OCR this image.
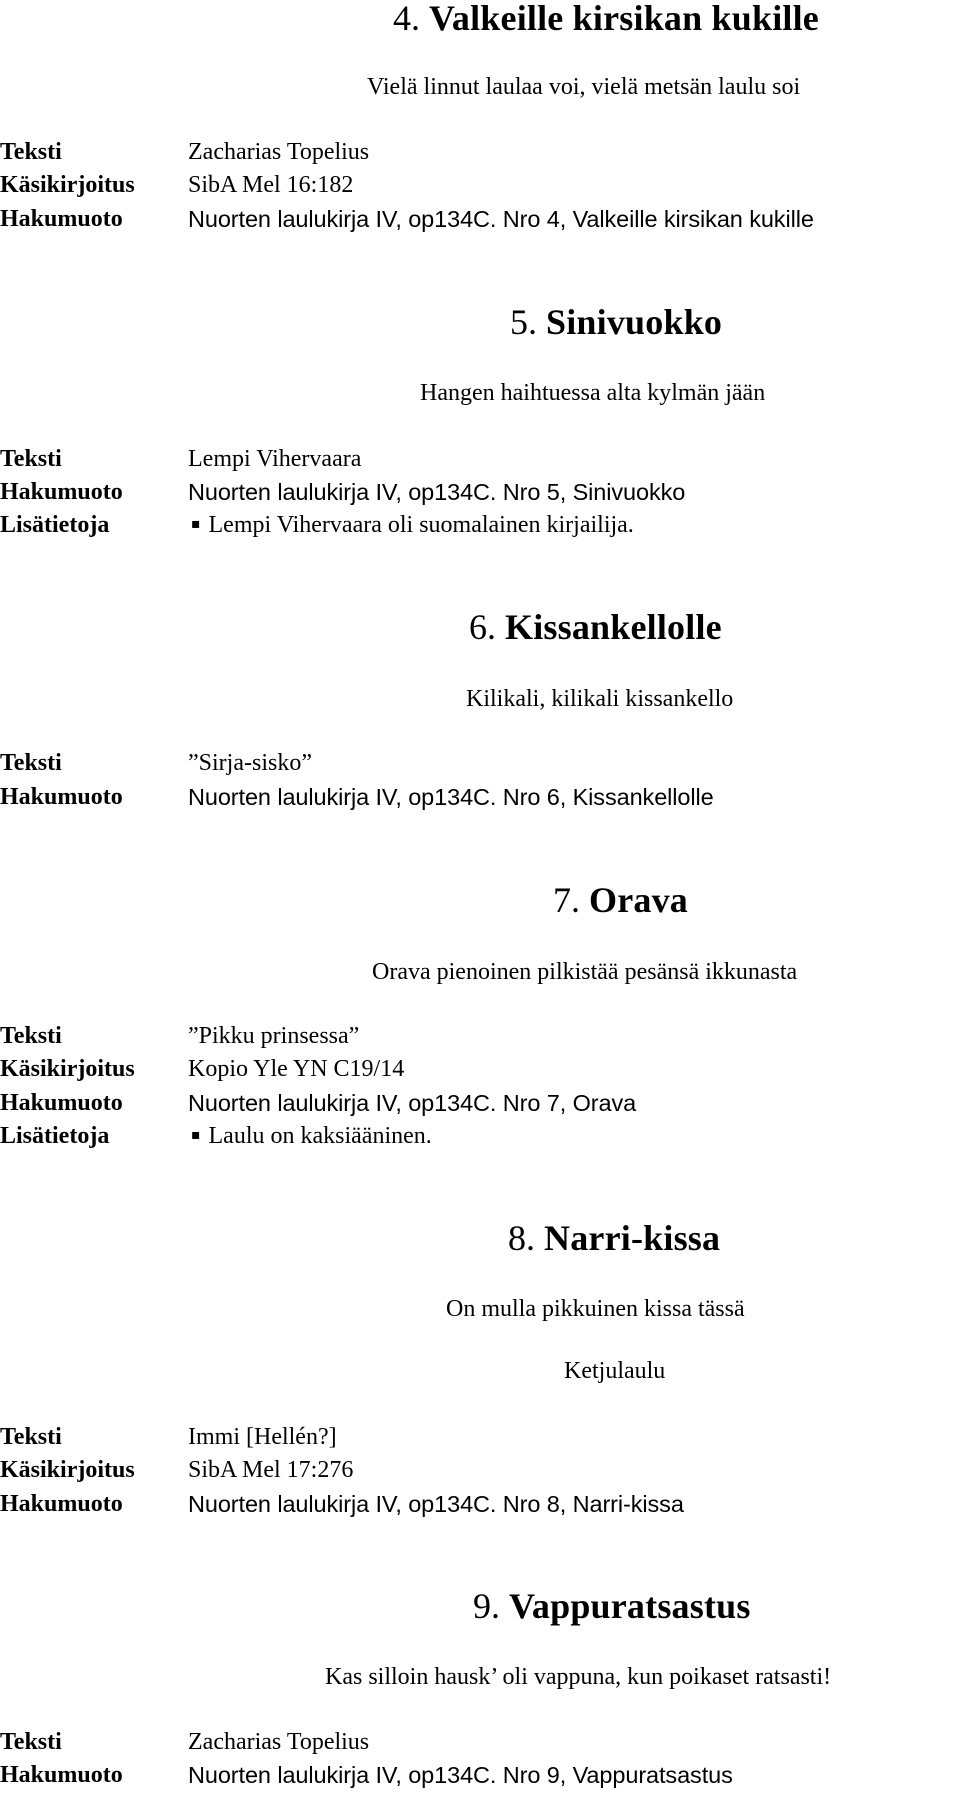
4. Valkeille kirsikan kukille
Vielä linnut laulaa voi, vielä metsän laulu soi
Teksti	Zacharias Topelius
Käsikirjoitus SibA Mel 16:182
Hakumuoto	Nuorten laulukirja IV, op134C. Nro 4, Valkeille kirsikan kukille
5. Sinivuokko
Hangen haihtuessa alta kylmän jään
Teksti	Lempi Vihervaara
Hakumuoto	Nuorten laulukirja IV, op134C. Nro 5, Sinivuokko
Lisätietoja	▪ Lempi Vihervaara oli suomalainen kirjailija.
6. Kissankellolle
Kilikali, kilikali kissankello
Teksti	”Sirja-sisko”
Hakumuoto	Nuorten laulukirja IV, op134C. Nro 6, Kissankellolle
7. Orava
Orava pienoinen pilkistää pesänsä ikkunasta
Teksti	”Pikku prinsessa”
Käsikirjoitus Kopio Yle YN C19/14
Hakumuoto	Nuorten laulukirja IV, op134C. Nro 7, Orava
Lisätietoja	▪ Laulu on kaksiääninen.
8. Narri-kissa
On mulla pikkuinen kissa tässä
Ketjulaulu
Teksti	Immi [Hellén?]
Käsikirjoitus SibA Mel 17:276
Hakumuoto	Nuorten laulukirja IV, op134C. Nro 8, Narri-kissa
9. Vappuratsastus
Kas silloin hausk’ oli vappuna, kun poikaset ratsasti!
Teksti	Zacharias Topelius
Hakumuoto	Nuorten laulukirja IV, op134C. Nro 9, Vappuratsastus
